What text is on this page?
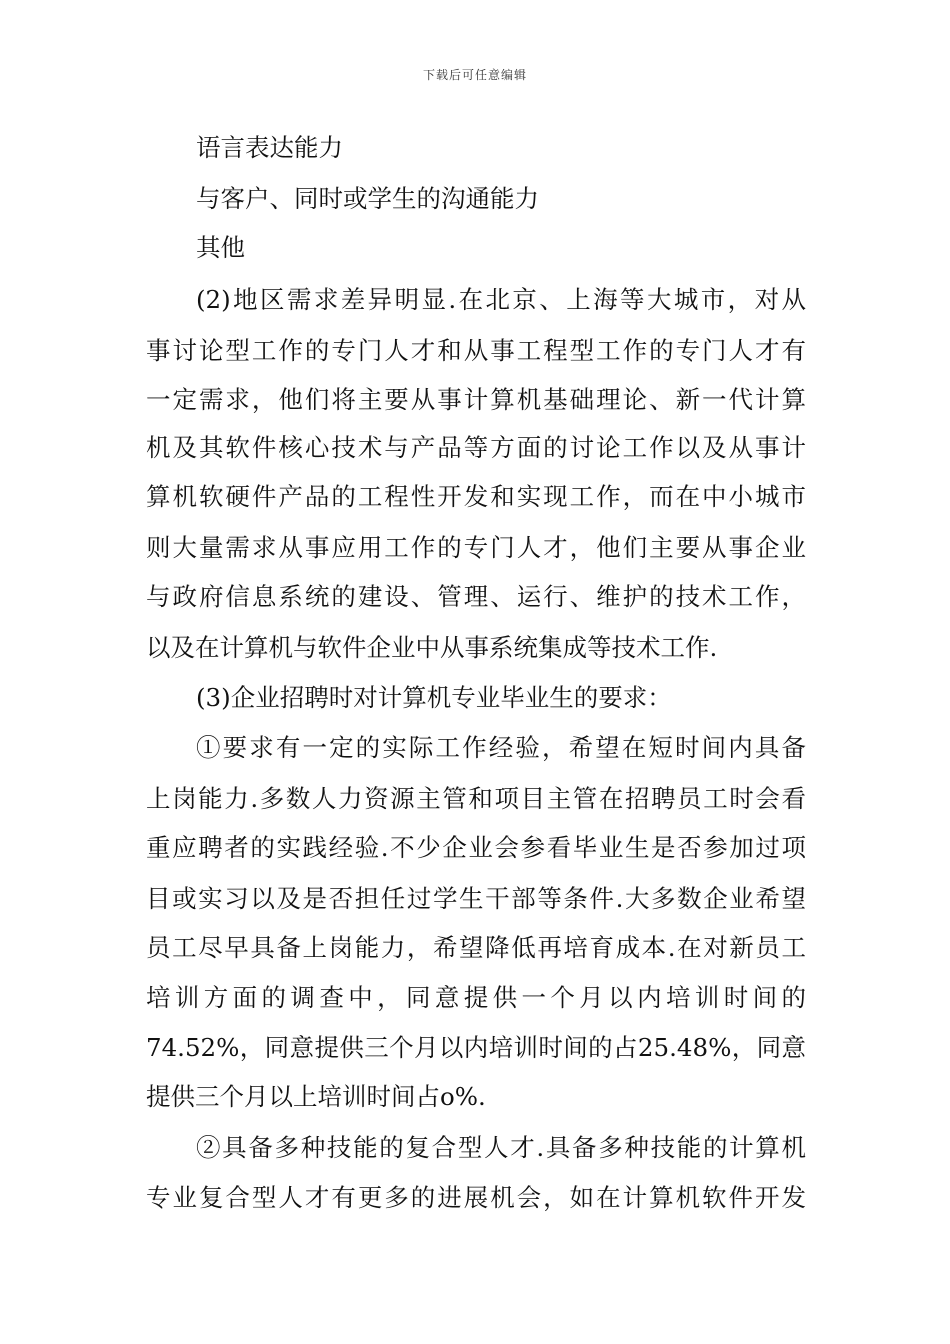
下载后可任意编辑
语言表达能力
与客户、同时或学生的沟通能力
其他
(2)地区需求差异明显.在北京、上海等大城市，对从
事讨论型工作的专门人才和从事工程型工作的专门人才有
一定需求，他们将主要从事计算机基础理论、新一代计算
机及其软件核心技术与产品等方面的讨论工作以及从事计
算机软硬件产品的工程性开发和实现工作，而在中小城市
则大量需求从事应用工作的专门人才，他们主要从事企业
与政府信息系统的建设、管理、运行、维护的技术工作，
以及在计算机与软件企业中从事系统集成等技术工作.
(3)企业招聘时对计算机专业毕业生的要求：
①要求有一定的实际工作经验，希望在短时间内具备
上岗能力.多数人力资源主管和项目主管在招聘员工时会看
重应聘者的实践经验.不少企业会参看毕业生是否参加过项
目或实习以及是否担任过学生干部等条件.大多数企业希望
员工尽早具备上岗能力，希望降低再培育成本.在对新员工
培训方面的调查中，同意提供一个月以内培训时间的
74.52%，同意提供三个月以内培训时间的占25.48%，同意
提供三个月以上培训时间占o%.
②具备多种技能的复合型人才.具备多种技能的计算机
专业复合型人才有更多的进展机会，如在计算机软件开发
